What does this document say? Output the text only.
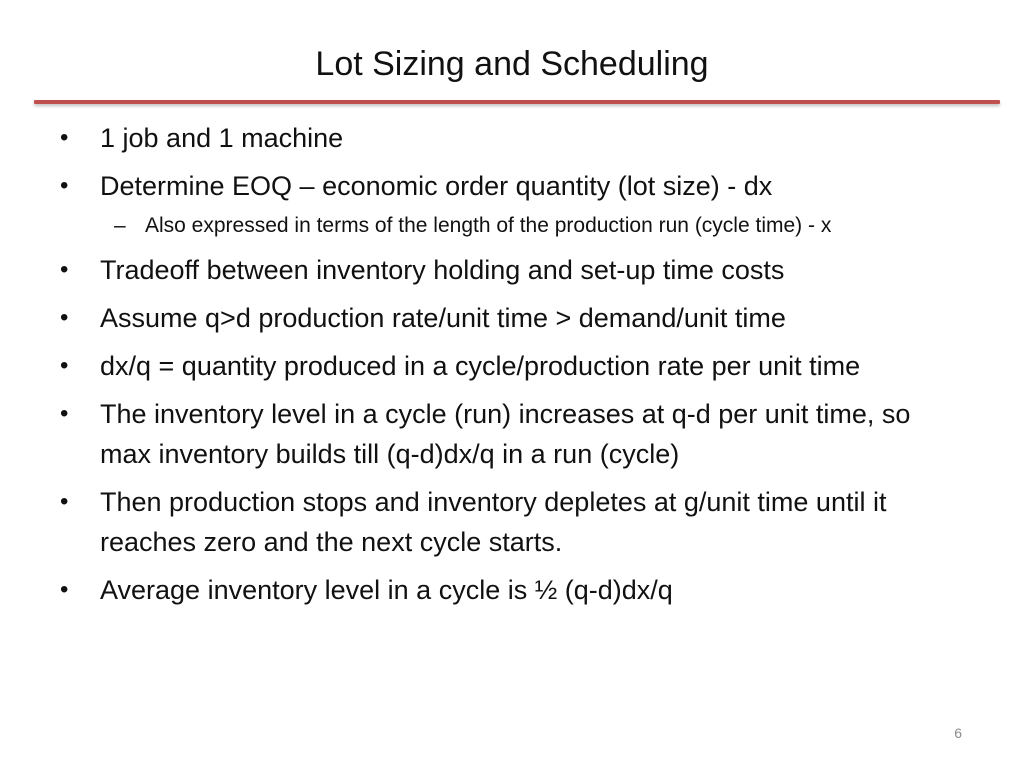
Lot Sizing and Scheduling
•	1 job and 1 machine
•	Determine EOQ – economic order quantity (lot size) - dx
– Also expressed in terms of the length of the production run (cycle time) - x
•	Tradeoff between inventory holding and set-up time costs
•	Assume q>d production rate/unit time > demand/unit time
•	dx/q = quantity produced in a cycle/production rate per unit time
•	The inventory level in a cycle (run) increases at q-d per unit time, so max inventory builds till (q-d)dx/q in a run (cycle)
•	Then production stops and inventory depletes at g/unit time until it reaches zero and the next cycle starts.
•	Average inventory level in a cycle is ½ (q-d)dx/q
6
